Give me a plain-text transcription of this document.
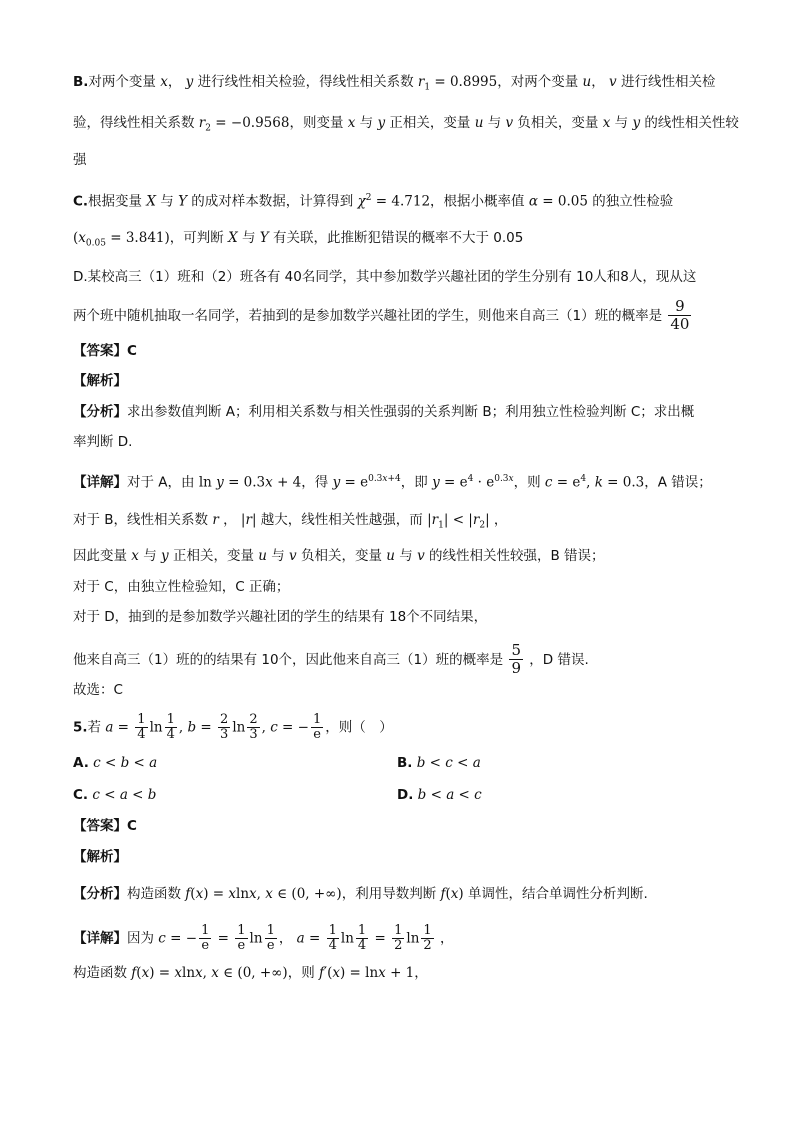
B.对两个变量 x， y 进行线性相关检验，得线性相关系数 $r_1 = 0.8995$，对两个变量 u， v 进行线性相关检
验，得线性相关系数 $r_2 = -0.9568$，则变量 x 与 y 正相关，变量 u 与 v 负相关，变量 x 与 y 的线性相关性较
强
C.根据变量 X 与 Y 的成对样本数据，计算得到 $\chi^2 = 4.712$，根据小概率值 α = 0.05 的独立性检验
$(x_{0.05} = 3.841)$，可判断 X 与 Y 有关联，此推断犯错误的概率不大于 0.05
D.某校高三（1）班和（2）班各有 40名同学，其中参加数学兴趣社团的学生分别有 10人和8人，现从这
两个班中随机抽取一名同学，若抽到的是参加数学兴趣社团的学生，则他来自高三（1）班的概率是 $\frac{9}{40}$
【答案】C
【解析】
【分析】求出参数值判断 A；利用相关系数与相关性强弱的关系判断 B；利用独立性检验判断 C；求出概
率判断 D.
【详解】对于 A，由 ln y = 0.3x + 4，得 $y = e^{0.3x+4}$，即 $y = e^4 \cdot e^{0.3x}$，则 $c = e^4$, k = 0.3，A 错误；
对于 B，线性相关系数 r ， |r| 越大，线性相关性越强，而 $|r_1| < |r_2|$ ，
因此变量 x 与 y 正相关，变量 u 与 v 负相关，变量 u 与 v 的线性相关性较强，B 错误；
对于 C，由独立性检验知，C 正确；
对于 D，抽到的是参加数学兴趣社团的学生的结果有 18个不同结果，
他来自高三（1）班的的结果有 10个，因此他来自高三（1）班的概率是 $\frac{5}{9}$ ，D 错误.
故选：C
5.若 $a = \frac{1}{4}$ $\ln \frac{1}{4}$ , $b = \frac{2}{3}$ $\ln \frac{2}{3}$ , c = − $\frac{1}{e}$ ，则（　）
A. c < b < a	B. b < c < a
C. c < a < b	D. b < a < c
【答案】C
【解析】
【分析】构造函数 f(x) = xlnx, x ∈ (0, +∞)，利用导数判断 f(x) 单调性，结合单调性分析判断.
【详解】因为 c = − $\frac{1}{e} = \frac{1}{e}$ $\ln \frac{1}{e}$ ， $a = \frac{1}{4}$ $\ln \frac{1}{4} = \frac{1}{2}$ $\ln \frac{1}{2}$ ，
构造函数 f(x) = xlnx, x ∈ (0, +∞)，则 f′(x) = lnx + 1，
